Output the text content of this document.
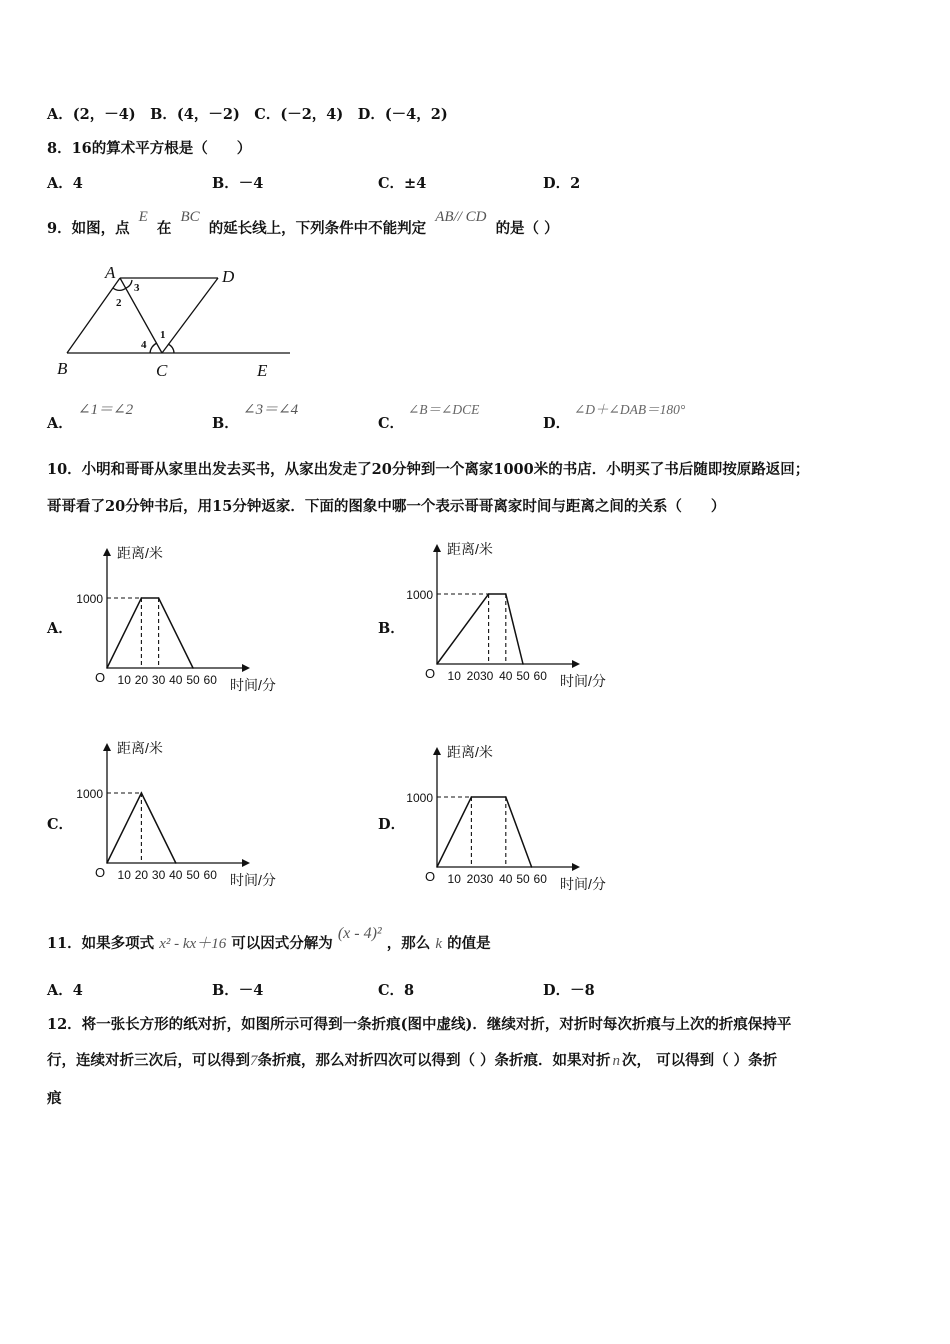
A．(2，－4)　B．(4，－2)　C．(－2，4)　D．(－4，2)
8．16的算术平方根是（　　）
A．4	B．－4	C．±4	D．2
9．如图，点 E 在 BC 的延长线上，下列条件中不能判定 AB// CD 的是（ ）
A	D
B	C	E
2
3
4
1
A．
∠1＝∠2
B．
∠3＝∠4
C．
∠B＝∠DCE
D．
∠D＋∠DAB＝180°
10．小明和哥哥从家里出发去买书，从家出发走了20分钟到一个离家1000米的书店．小明买了书后随即按原路返回；
哥哥看了20分钟书后，用15分钟返家．下面的图象中哪一个表示哥哥离家时间与距离之间的关系（　　）
A．	B．
C．	D．
距离/米
时间/分
O
1000
10 20 30 40 50 60
距离/米
时间/分
O
1000
10 2030 40 50 60
距离/米
时间/分
O
1000
10 20 30 40 50 60
距离/米
时间/分
O
1000
10 2030 40 50 60
11．如果多项式 x² - kx＋16 可以因式分解为 (x - 4)² ，那么 k 的值是
A．4	B．－4	C．8	D．－8
12．将一张长方形的纸对折，如图所示可得到一条折痕(图中虚线)．继续对折，对折时每次折痕与上次的折痕保持平
行，连续对折三次后，可以得到7条折痕，那么对折四次可以得到（ ）条折痕．如果对折 n 次， 可以得到（ ）条折
痕
